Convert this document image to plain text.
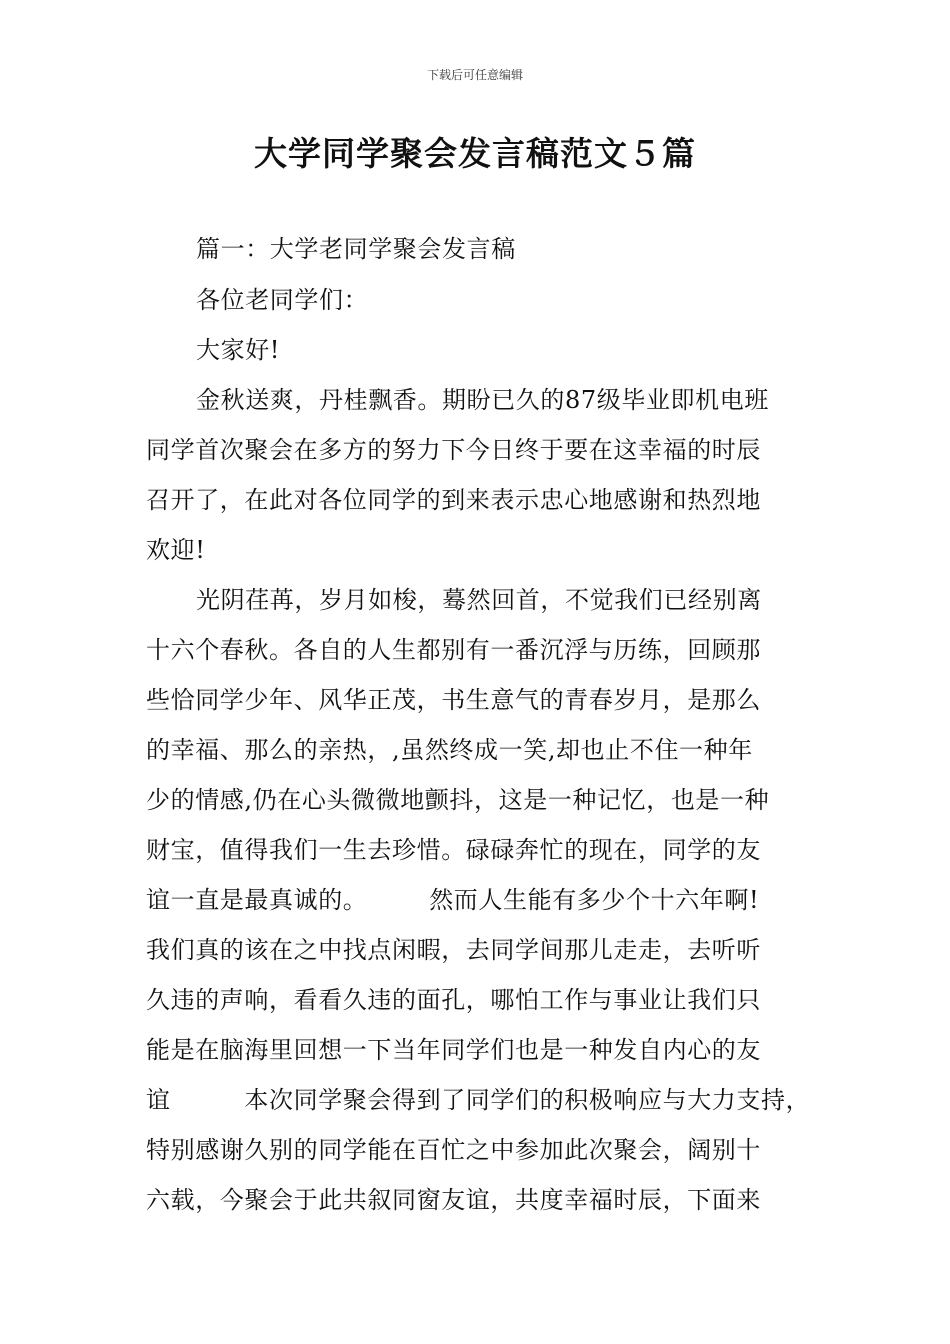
下载后可任意编辑
大学同学聚会发言稿范文５篇
篇一：大学老同学聚会发言稿
各位老同学们：
大家好!
金秋送爽，丹桂飘香。期盼已久的87级毕业即机电班
同学首次聚会在多方的努力下今日终于要在这幸福的时辰
召开了，在此对各位同学的到来表示忠心地感谢和热烈地
欢迎!
光阴荏苒，岁月如梭，蓦然回首，不觉我们已经别离
十六个春秋。各自的人生都别有一番沉浮与历练，回顾那
些恰同学少年、风华正茂，书生意气的青春岁月，是那么
的幸福、那么的亲热，,虽然终成一笑,却也止不住一种年
少的情感,仍在心头微微地颤抖，这是一种记忆，也是一种
财宝，值得我们一生去珍惜。碌碌奔忙的现在，同学的友
谊一直是最真诚的。　　　然而人生能有多少个十六年啊!
我们真的该在之中找点闲暇，去同学间那儿走走，去听听
久违的声响，看看久违的面孔，哪怕工作与事业让我们只
能是在脑海里回想一下当年同学们也是一种发自内心的友
谊　　　本次同学聚会得到了同学们的积极响应与大力支持，
特别感谢久别的同学能在百忙之中参加此次聚会，阔别十
六载，今聚会于此共叙同窗友谊，共度幸福时辰，下面来
